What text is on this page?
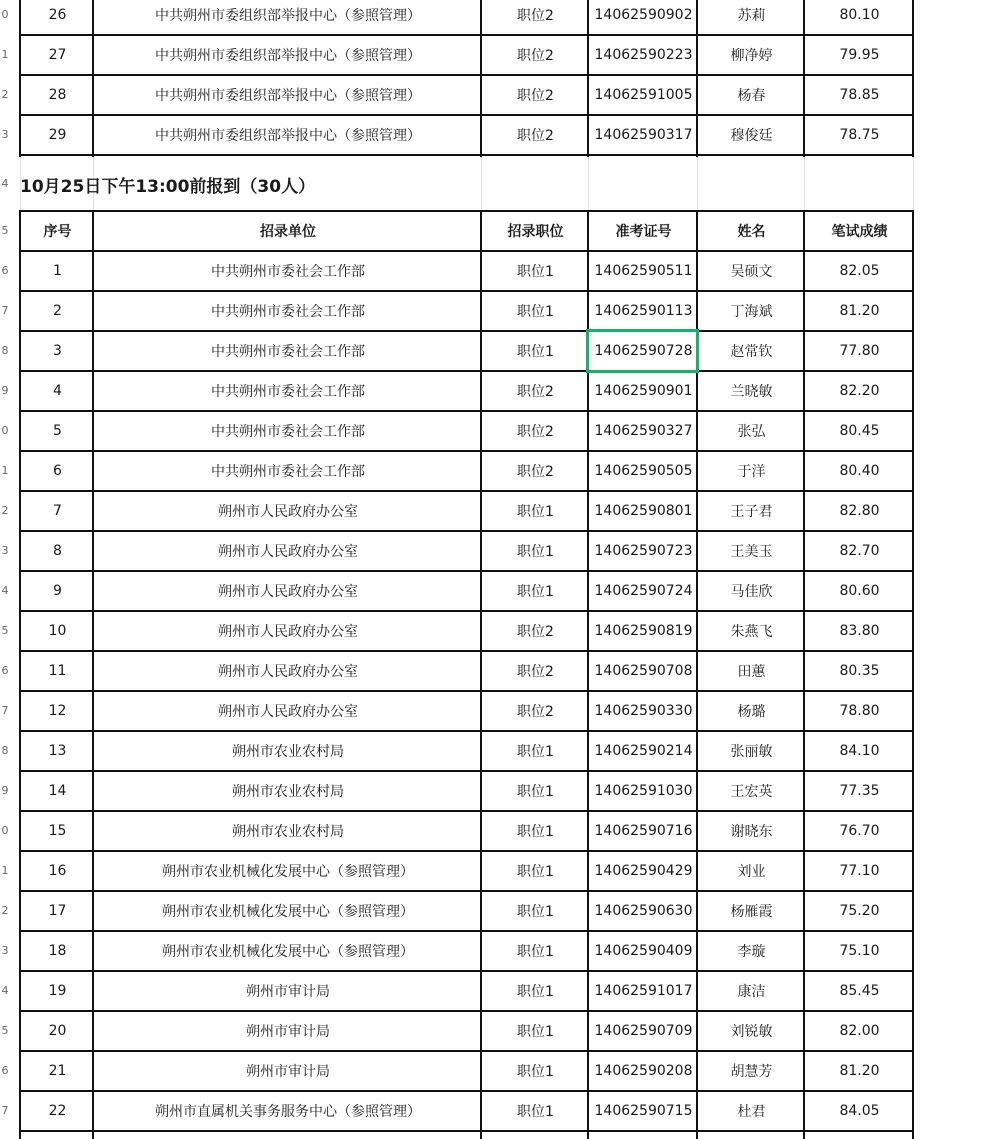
0	26	中共朔州市委组织部举报中心（参照管理）	职位2	14062590902	苏莉	80.10
1	27	中共朔州市委组织部举报中心（参照管理）	职位2	14062590223	柳净婷	79.95
2	28	中共朔州市委组织部举报中心（参照管理）	职位2	14062591005	杨春	78.85
3	29	中共朔州市委组织部举报中心（参照管理）	职位2	14062590317	穆俊廷	78.75
4 10月25日下午13:00前报到（30人）
5	序号	招录单位	招录职位	准考证号	姓名	笔试成绩
6	1	中共朔州市委社会工作部	职位1	14062590511	吴硕文	82.05
7	2	中共朔州市委社会工作部	职位1	14062590113	丁海斌	81.20
8	3	中共朔州市委社会工作部	职位1	14062590728	赵常钦	77.80
9	4	中共朔州市委社会工作部	职位2	14062590901	兰晓敏	82.20
0	5	中共朔州市委社会工作部	职位2	14062590327	张弘	80.45
1	6	中共朔州市委社会工作部	职位2	14062590505	于洋	80.40
2	7	朔州市人民政府办公室	职位1	14062590801	王子君	82.80
3	8	朔州市人民政府办公室	职位1	14062590723	王美玉	82.70
4	9	朔州市人民政府办公室	职位1	14062590724	马佳欣	80.60
5	10	朔州市人民政府办公室	职位2	14062590819	朱燕飞	83.80
6	11	朔州市人民政府办公室	职位2	14062590708	田蕙	80.35
7	12	朔州市人民政府办公室	职位2	14062590330	杨璐	78.80
8	13	朔州市农业农村局	职位1	14062590214	张丽敏	84.10
9	14	朔州市农业农村局	职位1	14062591030	王宏英	77.35
0	15	朔州市农业农村局	职位1	14062590716	谢晓东	76.70
1	16	朔州市农业机械化发展中心（参照管理）	职位1	14062590429	刘业	77.10
2	17	朔州市农业机械化发展中心（参照管理）	职位1	14062590630	杨雁霞	75.20
3	18	朔州市农业机械化发展中心（参照管理）	职位1	14062590409	李璇	75.10
4	19	朔州市审计局	职位1	14062591017	康洁	85.45
5	20	朔州市审计局	职位1	14062590709	刘锐敏	82.00
6	21	朔州市审计局	职位1	14062590208	胡慧芳	81.20
7	22	朔州市直属机关事务服务中心（参照管理）	职位1	14062590715	杜君	84.05
